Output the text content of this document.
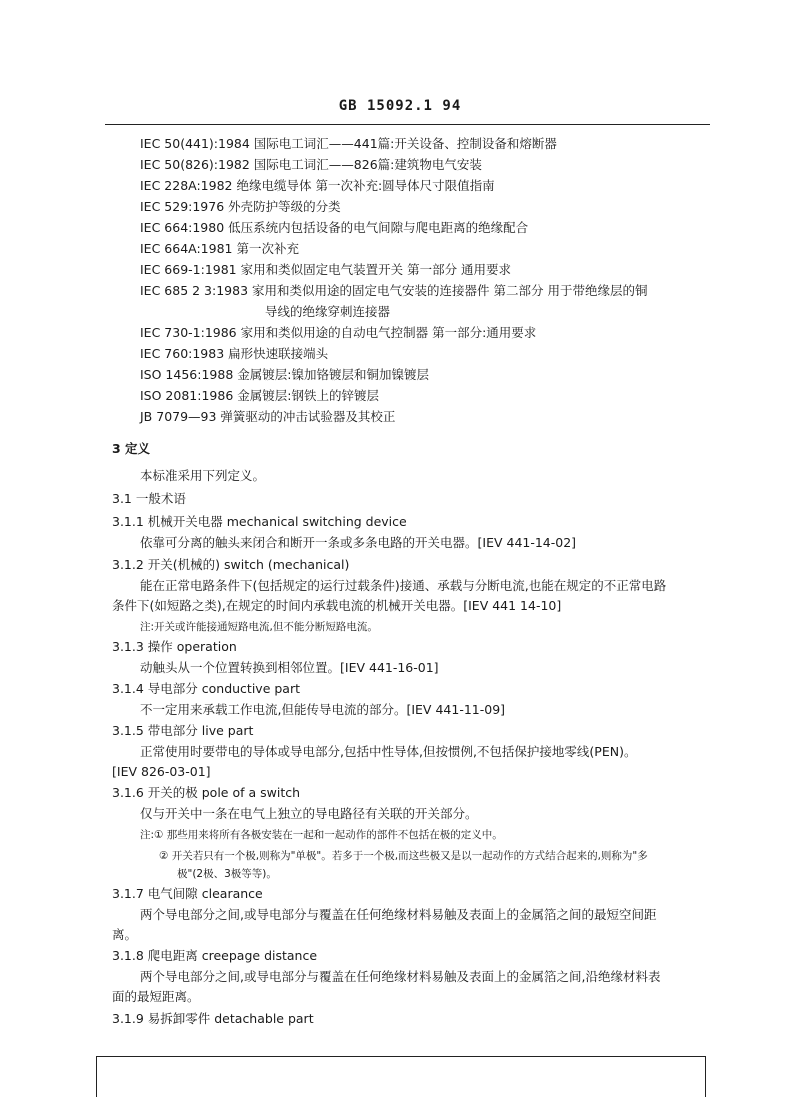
GB 15092.1 94
IEC 50(441):1984 国际电工词汇——441篇:开关设备、控制设备和熔断器
IEC 50(826):1982 国际电工词汇——826篇:建筑物电气安装
IEC 228A:1982 绝缘电缆导体 第一次补充:圆导体尺寸限值指南
IEC 529:1976 外壳防护等级的分类
IEC 664:1980 低压系统内包括设备的电气间隙与爬电距离的绝缘配合
IEC 664A:1981 第一次补充
IEC 669-1:1981 家用和类似固定电气装置开关 第一部分 通用要求
IEC 685 2 3:1983 家用和类似用途的固定电气安装的连接器件 第二部分 用于带绝缘层的铜
导线的绝缘穿刺连接器
IEC 730-1:1986 家用和类似用途的自动电气控制器 第一部分:通用要求
IEC 760:1983 扁形快速联接端头
ISO 1456:1988 金属镀层:镍加铬镀层和铜加镍镀层
ISO 2081:1986 金属镀层:钢铁上的锌镀层
JB 7079—93 弹簧驱动的冲击试验器及其校正
3 定义
本标准采用下列定义。
3.1 一般术语
3.1.1 机械开关电器 mechanical switching device
依靠可分离的触头来闭合和断开一条或多条电路的开关电器。[IEV 441-14-02]
3.1.2 开关(机械的) switch (mechanical)
能在正常电路条件下(包括规定的运行过载条件)接通、承载与分断电流,也能在规定的不正常电路
条件下(如短路之类),在规定的时间内承载电流的机械开关电器。[IEV 441 14-10]
注:开关或许能接通短路电流,但不能分断短路电流。
3.1.3 操作 operation
动触头从一个位置转换到相邻位置。[IEV 441-16-01]
3.1.4 导电部分 conductive part
不一定用来承载工作电流,但能传导电流的部分。[IEV 441-11-09]
3.1.5 带电部分 live part
正常使用时要带电的导体或导电部分,包括中性导体,但按惯例,不包括保护接地零线(PEN)。
[IEV 826-03-01]
3.1.6 开关的极 pole of a switch
仅与开关中一条在电气上独立的导电路径有关联的开关部分。
注:① 那些用来将所有各极安装在一起和一起动作的部件不包括在极的定义中。
② 开关若只有一个极,则称为"单极"。若多于一个极,而这些极又是以一起动作的方式结合起来的,则称为"多
极"(2极、3极等等)。
3.1.7 电气间隙 clearance
两个导电部分之间,或导电部分与覆盖在任何绝缘材料易触及表面上的金属箔之间的最短空间距
离。
3.1.8 爬电距离 creepage distance
两个导电部分之间,或导电部分与覆盖在任何绝缘材料易触及表面上的金属箔之间,沿绝缘材料表
面的最短距离。
3.1.9 易拆卸零件 detachable part
